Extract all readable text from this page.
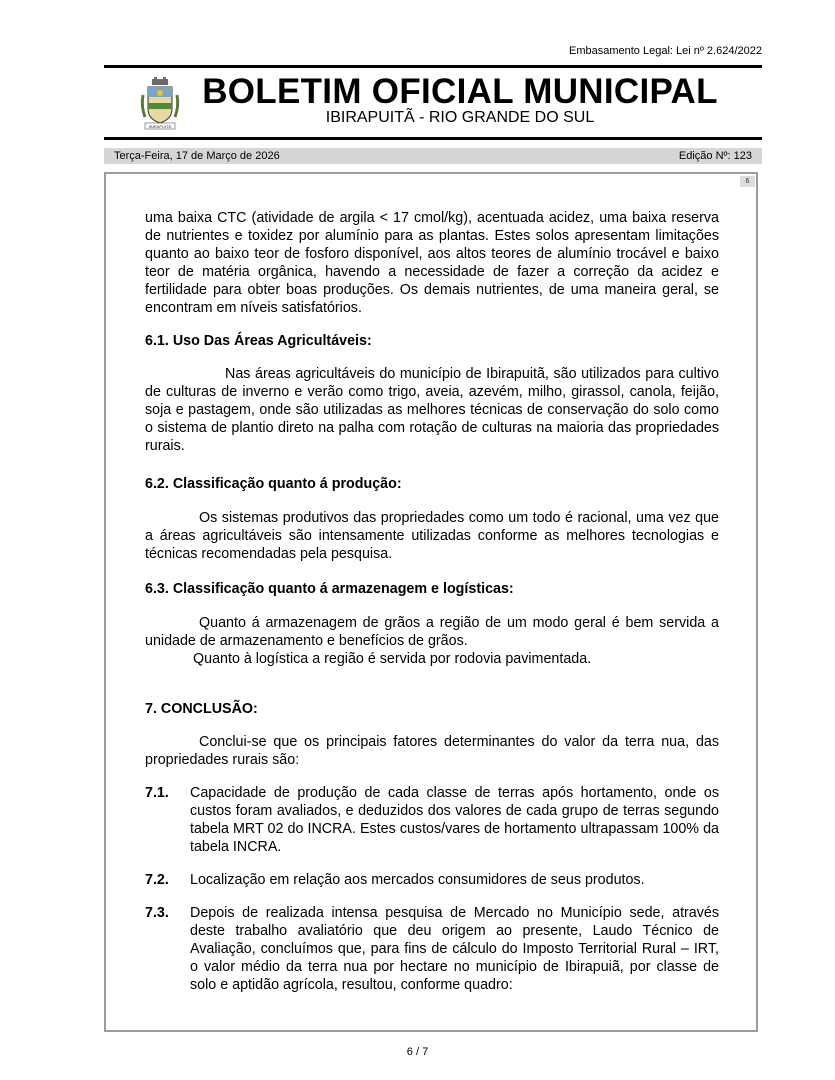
Embasamento Legal: Lei nº 2.624/2022
IBIRAPUITÃ
BOLETIM OFICIAL MUNICIPAL
IBIRAPUITÃ - RIO GRANDE DO SUL
Terça-Feira, 17 de Março de 2026	Edição Nº: 123
6

uma baixa CTC (atividade de argila < 17 cmol/kg), acentuada acidez, uma baixa reserva de nutrientes e toxidez por alumínio para as plantas. Estes solos apresentam limitações quanto ao baixo teor de fosforo disponível, aos altos teores de alumínio trocável e baixo teor de matéria orgânica, havendo a necessidade de fazer a correção da acidez e fertilidade para obter boas produções. Os demais nutrientes, de uma maneira geral, se encontram em níveis satisfatórios.

6.1. Uso Das Áreas Agricultáveis:

Nas áreas agricultáveis do município de Ibirapuitã, são utilizados para cultivo de culturas de inverno e verão como trigo, aveia, azevém, milho, girassol, canola, feijão, soja e pastagem, onde são utilizadas as melhores técnicas de conservação do solo como o sistema de plantio direto na palha com rotação de culturas na maioria das propriedades rurais.

6.2. Classificação quanto á produção:

Os sistemas produtivos das propriedades como um todo é racional, uma vez que a áreas agricultáveis são intensamente utilizadas conforme as melhores tecnologias e técnicas recomendadas pela pesquisa.

6.3. Classificação quanto á armazenagem e logísticas:

Quanto á armazenagem de grãos a região de um modo geral é bem servida a unidade de armazenamento e benefícios de grãos.

Quanto à logística a região é servida por rodovia pavimentada.

7. CONCLUSÃO:

Conclui-se que os principais fatores determinantes do valor da terra nua, das propriedades rurais são:

7.1.	Capacidade de produção de cada classe de terras após hortamento, onde os custos foram avaliados, e deduzidos dos valores de cada grupo de terras segundo tabela MRT 02 do INCRA. Estes custos/vares de hortamento ultrapassam 100% da tabela INCRA.
7.2.	Localização em relação aos mercados consumidores de seus produtos.
7.3.	Depois de realizada intensa pesquisa de Mercado no Município sede, através deste trabalho avaliatório que deu origem ao presente, Laudo Técnico de Avaliação, concluímos que, para fins de cálculo do Imposto Territorial Rural – IRT, o valor médio da terra nua por hectare no município de Ibirapuiã, por classe de solo e aptidão agrícola, resultou, conforme quadro:
6 / 7
